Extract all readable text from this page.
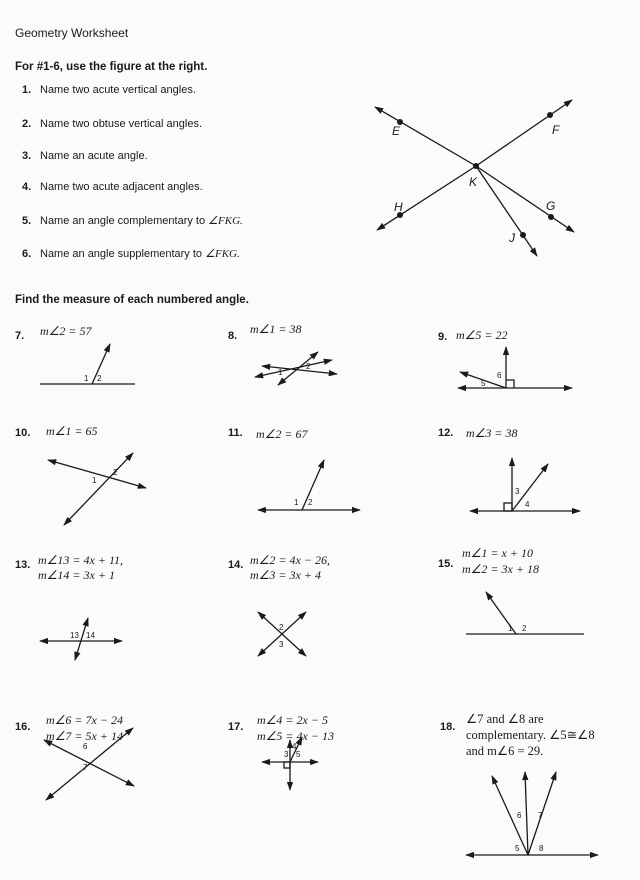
Geometry Worksheet
For #1-6, use the figure at the right.
1. Name two acute vertical angles.
2. Name two obtuse vertical angles.
3. Name an acute angle.
4. Name two acute adjacent angles.
5. Name an angle complementary to ∠FKG.
6. Name an angle supplementary to ∠FKG.
Find the measure of each numbered angle.
7. m∠2 = 57	8. m∠1 = 38
9. m∠5 = 22
10. m∠1 = 65	11. m∠2 = 67	12. m∠3 = 38
13. m∠13 = 4x + 11,
m∠14 = 3x + 1
14. m∠2 = 4x − 26,
m∠3 = 3x + 4
15.
m∠1 = x + 10
m∠2 = 3x + 18
16. m∠6 = 7x − 24
m∠7 = 5x + 14
17. m∠4 = 2x − 5
m∠5 = 4x − 13
18.
∠7 and ∠8 are
complementary. ∠5≅∠8
and m∠6 = 29.
E	F
K
H	G
J
1 2
1
2
5
6
1
2
1 2
3
4
13 14
2
3
1 2
6
7
3
4
5
6 7
5 8
